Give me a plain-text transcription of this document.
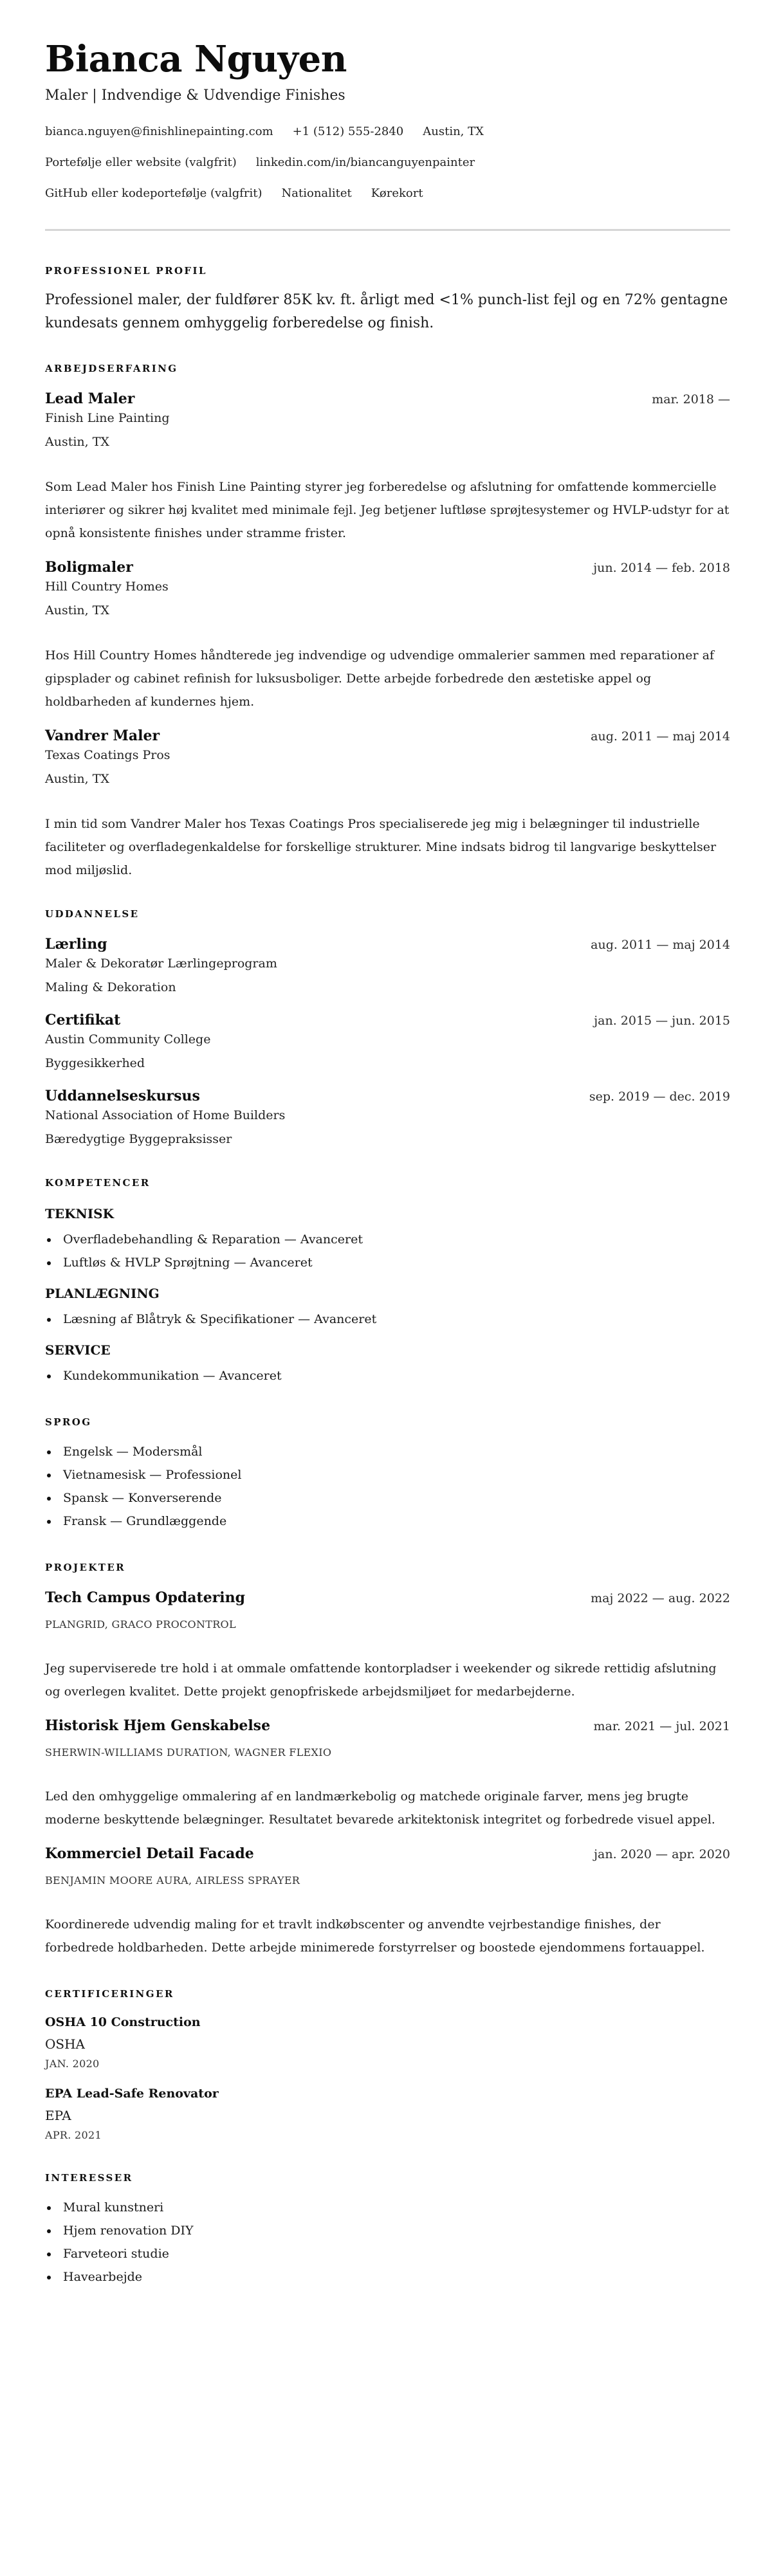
Bianca Nguyen
Maler | Indvendige & Udvendige Finishes
bianca.nguyen@finishlinepainting.com +1 (512) 555-2840 Austin, TX
Portefølje eller website (valgfrit) linkedin.com/in/biancanguyenpainter
GitHub eller kodeportefølje (valgfrit) Nationalitet Kørekort
PROFESSIONEL PROFIL

Professionel maler, der fuldfører 85K kv. ft. årligt med <1% punch-list fejl og en 72% gentagne kundesats gennem omhyggelig forberedelse og finish.

ARBEJDSERFARING
Lead Maler	mar. 2018 —
Finish Line Painting
Austin, TX

Som Lead Maler hos Finish Line Painting styrer jeg forberedelse og afslutning for omfattende kommercielle interiører og sikrer høj kvalitet med minimale fejl. Jeg betjener luftløse sprøjtesystemer og HVLP-udstyr for at opnå konsistente finishes under stramme frister.

Boligmaler	jun. 2014 — feb. 2018
Hill Country Homes
Austin, TX

Hos Hill Country Homes håndterede jeg indvendige og udvendige ommalerier sammen med reparationer af gipsplader og cabinet refinish for luksusboliger. Dette arbejde forbedrede den æstetiske appel og holdbarheden af kundernes hjem.

Vandrer Maler	aug. 2011 — maj 2014
Texas Coatings Pros
Austin, TX

I min tid som Vandrer Maler hos Texas Coatings Pros specialiserede jeg mig i belægninger til industrielle faciliteter og overfladegenkaldelse for forskellige strukturer. Mine indsats bidrog til langvarige beskyttelser mod miljøslid.

UDDANNELSE
Lærling	aug. 2011 — maj 2014
Maler & Dekoratør Lærlingeprogram
Maling & Dekoration
Certifikat	jan. 2015 — jun. 2015
Austin Community College
Byggesikkerhed
Uddannelseskursus	sep. 2019 — dec. 2019
National Association of Home Builders
Bæredygtige Byggepraksisser
KOMPETENCER
TEKNISK
Overfladebehandling & Reparation — Avanceret
Luftløs & HVLP Sprøjtning — Avanceret
PLANLÆGNING
Læsning af Blåtryk & Specifikationer — Avanceret
SERVICE
Kundekommunikation — Avanceret
SPROG
Engelsk — Modersmål
Vietnamesisk — Professionel
Spansk — Konverserende
Fransk — Grundlæggende
PROJEKTER
Tech Campus Opdatering	maj 2022 — aug. 2022
PLANGRID, GRACO PROCONTROL

Jeg superviserede tre hold i at ommale omfattende kontorpladser i weekender og sikrede rettidig afslutning og overlegen kvalitet. Dette projekt genopfriskede arbejdsmiljøet for medarbejderne.

Historisk Hjem Genskabelse	mar. 2021 — jul. 2021
SHERWIN-WILLIAMS DURATION, WAGNER FLEXIO

Led den omhyggelige ommalering af en landmærkebolig og matchede originale farver, mens jeg brugte moderne beskyttende belægninger. Resultatet bevarede arkitektonisk integritet og forbedrede visuel appel.

Kommerciel Detail Facade	jan. 2020 — apr. 2020
BENJAMIN MOORE AURA, AIRLESS SPRAYER

Koordinerede udvendig maling for et travlt indkøbscenter og anvendte vejrbestandige finishes, der forbedrede holdbarheden. Dette arbejde minimerede forstyrrelser og boostede ejendommens fortauappel.

CERTIFICERINGER
OSHA 10 Construction
OSHA
JAN. 2020
EPA Lead-Safe Renovator
EPA
APR. 2021
INTERESSER
Mural kunstneri
Hjem renovation DIY
Farveteori studie
Havearbejde
